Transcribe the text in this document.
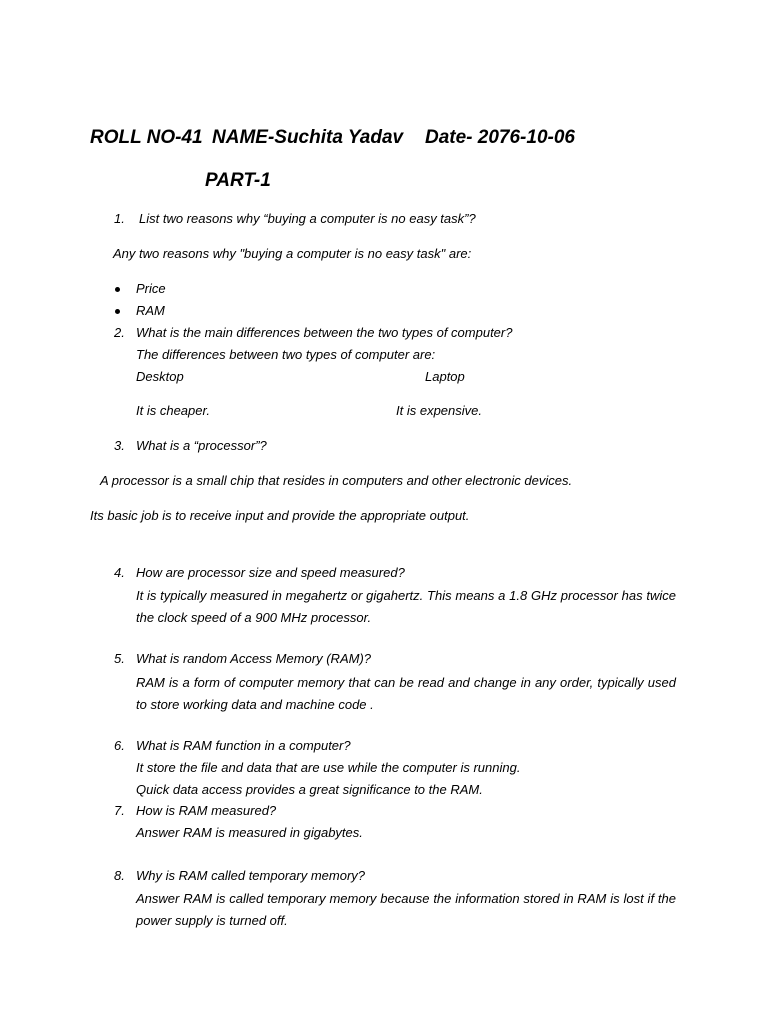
ROLL NO-41 NAME-Suchita Yadav Date- 2076-10-06
PART-1
1. List two reasons why “buying a computer is no easy task”?
Any two reasons why "buying a computer is no easy task" are:
Price
RAM
2. What is the main differences between the two types of computer?
The differences between two types of computer are:
Desktop	Laptop
It is cheaper.	It is expensive.
3. What is a “processor”?
A processor is a small chip that resides in computers and other electronic devices.
Its basic job is to receive input and provide the appropriate output.
4. How are processor size and speed measured?
It is typically measured in megahertz or gigahertz. This means a 1.8 GHz processor has twice the clock speed of a 900 MHz processor.
5. What is random Access Memory (RAM)?
RAM is a form of computer memory that can be read and change in any order, typically used to store working data and machine code .
6. What is RAM function in a computer?
It store the file and data that are use while the computer is running.
Quick data access provides a great significance to the RAM.
7. How is RAM measured?
Answer RAM is measured in gigabytes.
8. Why is RAM called temporary memory?
Answer RAM is called temporary memory because the information stored in RAM is lost if the power supply is turned off.
